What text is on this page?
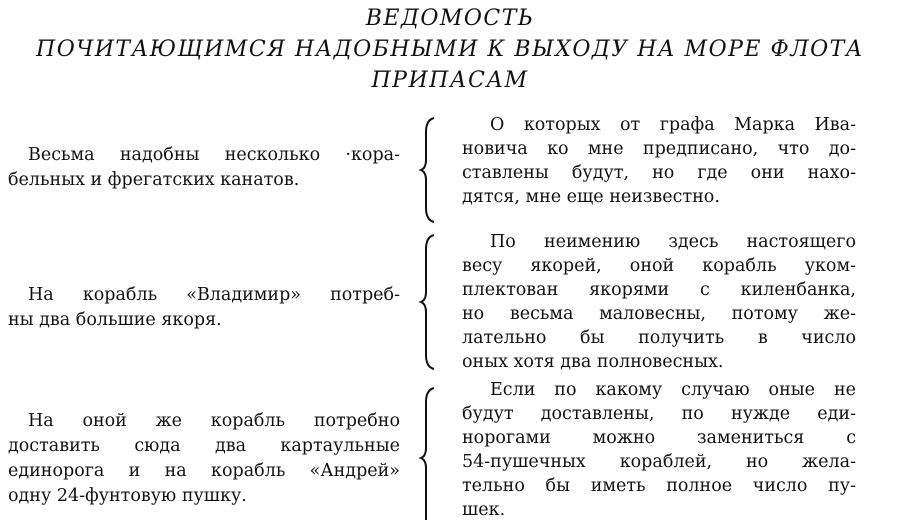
ВЕДОМОСТЬ
ПОЧИТАЮЩИМСЯ НАДОБНЫМИ К ВЫХОДУ НА МОРЕ ФЛОТА
ПРИПАСАМ
Весьма надобны несколько ·кора-
бельных и фрегатских канатов.
О которых от графа Марка Ива-
новича ко мне предписано, что до-
ставлены будут, но где они нахо-
дятся, мне еще неизвестно.
На корабль «Владимир» потреб-
ны два большие якоря.
По неимению здесь настоящего
весу якорей, оной корабль уком-
плектован якорями с киленбанка,
но весьма маловесны, потому же-
лательно бы получить в число
оных хотя два полновесных.
На оной же корабль потребно
доставить сюда два картаульные
единорога и на корабль «Андрей»
одну 24-фунтовую пушку.
Если по какому случаю оные не
будут доставлены, по нужде еди-
норогами можно замениться с
54-пушечных кораблей, но жела-
тельно бы иметь полное число пу-
шек.
